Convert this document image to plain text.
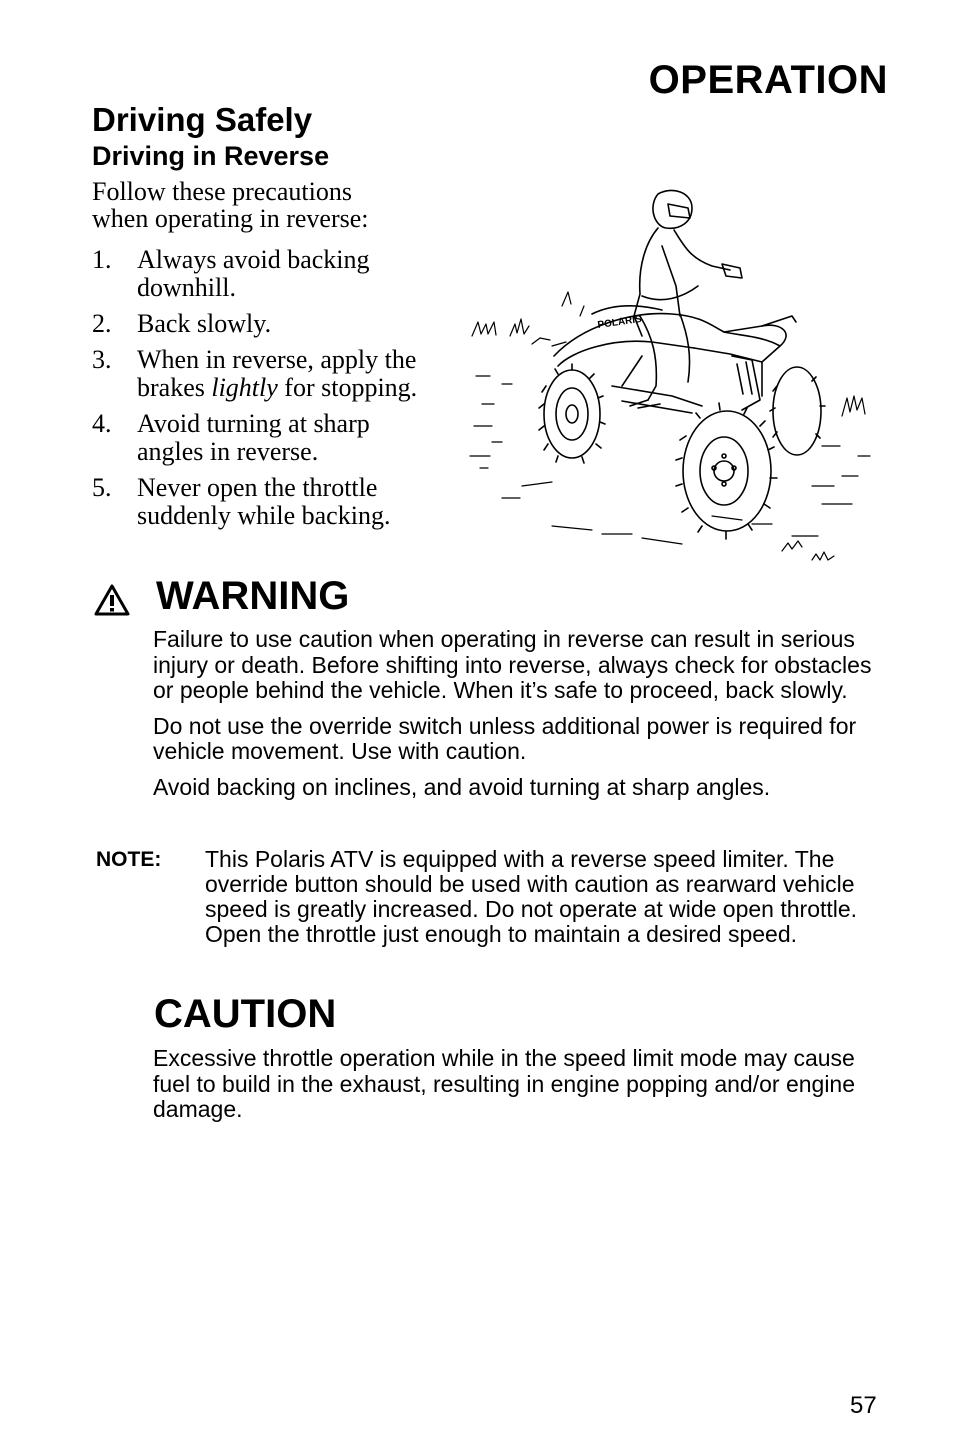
OPERATION
Driving Safely
Driving in Reverse
Follow these precautions when operating in reverse:
1. Always avoid backing downhill.
2. Back slowly.
3. When in reverse, apply the brakes lightly for stopping.
4. Avoid turning at sharp angles in reverse.
5. Never open the throttle suddenly while backing.
POLARIS
WARNING

Failure to use caution when operating in reverse can result in serious injury or death. Before shifting into reverse, always check for obstacles or people behind the vehicle. When it’s safe to proceed, back slowly.

Do not use the override switch unless additional power is required for vehicle movement. Use with caution.

Avoid backing on inclines, and avoid turning at sharp angles.

NOTE: This Polaris ATV is equipped with a reverse speed limiter. The override button should be used with caution as rearward vehicle speed is greatly increased. Do not operate at wide open throttle. Open the throttle just enough to maintain a desired speed.
CAUTION
Excessive throttle operation while in the speed limit mode may cause fuel to build in the exhaust, resulting in engine popping and/or engine damage.
57
